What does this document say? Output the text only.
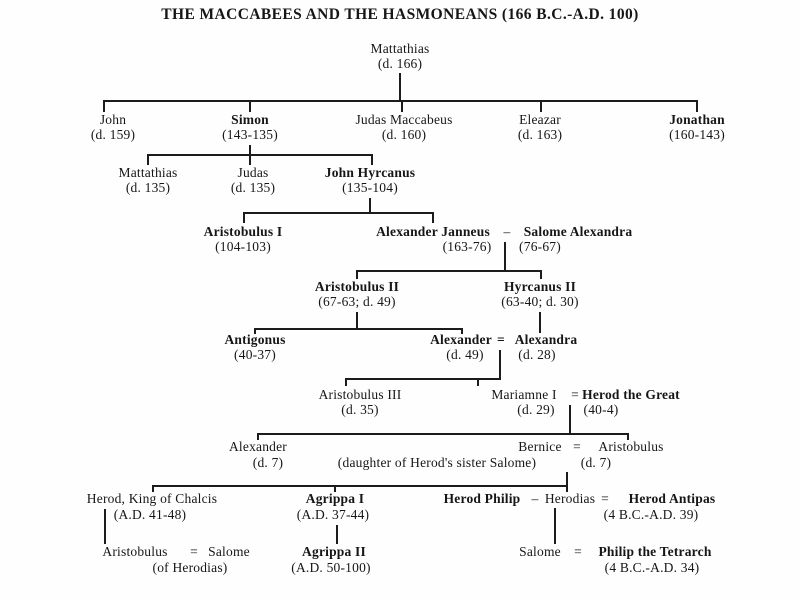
THE MACCABEES AND THE HASMONEANS (166 B.C.-A.D. 100)
Mattathias
(d. 166)
John
(d. 159)
Simon
(143-135)
Judas Maccabeus
(d. 160)
Eleazar
(d. 163)
Jonathan
(160-143)
Mattathias
(d. 135)
Judas
(d. 135)
John Hyrcanus
(135-104)
Aristobulus I
(104-103)
Alexander Janneus – Salome Alexandra
(163-76) (76-67)
Aristobulus II
(67-63; d. 49)
Hyrcanus II
(63-40; d. 30)
Antigonus
(40-37)
Alexander = Alexandra
(d. 49)	(d. 28)
Aristobulus III
(d. 35)
Mariamne I = Herod the Great
(d. 29) (40-4)
Alexander
(d. 7)	(daughter of Herod's sister Salome)
Bernice = Aristobulus
(d. 7)
Herod, King of Chalcis
(A.D. 41-48)
Agrippa I
(A.D. 37-44)
Herod Philip – Herodias = Herod Antipas
(4 B.C.-A.D. 39)
Aristobulus = Salome
(of Herodias)
Agrippa II
(A.D. 50-100)
Salome = Philip the Tetrarch
(4 B.C.-A.D. 34)
